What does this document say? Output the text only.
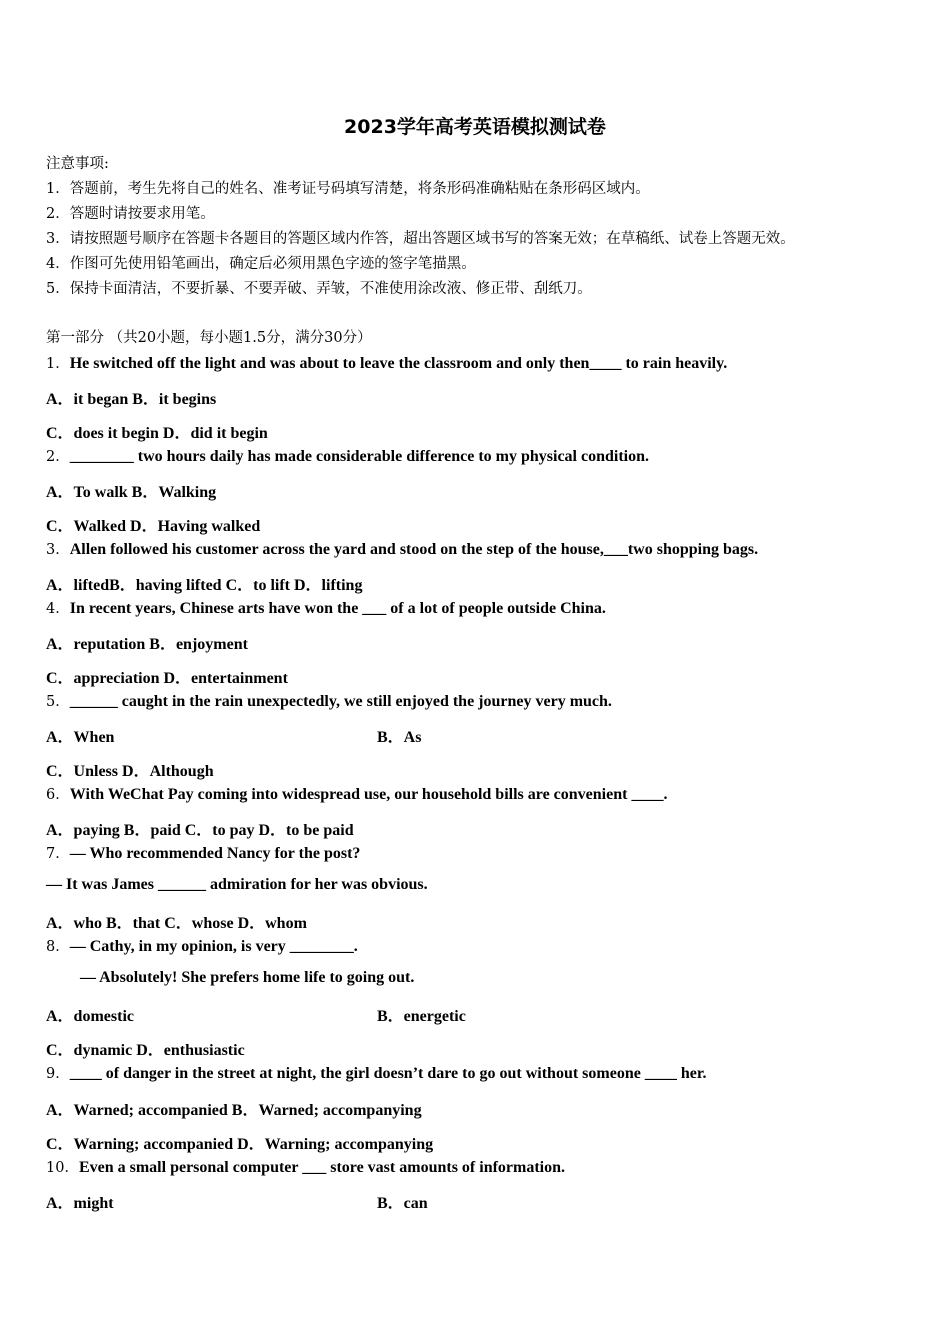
2023学年高考英语模拟测试卷
注意事项:
1．答题前，考生先将自己的姓名、准考证号码填写清楚，将条形码准确粘贴在条形码区域内。
2．答题时请按要求用笔。
3．请按照题号顺序在答题卡各题目的答题区域内作答，超出答题区域书写的答案无效；在草稿纸、试卷上答题无效。
4．作图可先使用铅笔画出，确定后必须用黑色字迹的签字笔描黑。
5．保持卡面清洁，不要折暴、不要弄破、弄皱，不准使用涂改液、修正带、刮纸刀。
第一部分 （共20小题，每小题1.5分，满分30分）
1．He switched off the light and was about to leave the classroom and only then____ to rain heavily.
A．it began B．it begins
C．does it begin D．did it begin
2．________ two hours daily has made considerable difference to my physical condition.
A．To walk B．Walking
C．Walked D．Having walked
3．Allen followed his customer across the yard and stood on the step of the house,___two shopping bags.
A．liftedB．having lifted C．to lift D．lifting
4．In recent years, Chinese arts have won the ___ of a lot of people outside China.
A．reputation B．enjoyment
C．appreciation D．entertainment
5．______ caught in the rain unexpectedly, we still enjoyed the journey very much.
A．When	B．As
C．Unless D．Although
6．With WeChat Pay coming into widespread use, our household bills are convenient ____.
A．paying B．paid C．to pay D．to be paid
7．— Who recommended Nancy for the post?
— It was James ______ admiration for her was obvious.
A．who B．that C．whose D．whom
8．— Cathy, in my opinion, is very ________.
— Absolutely! She prefers home life to going out.
A．domestic	B．energetic
C．dynamic D．enthusiastic
9．____ of danger in the street at night, the girl doesn’t dare to go out without someone ____ her.
A．Warned; accompanied B．Warned; accompanying
C．Warning; accompanied D．Warning; accompanying
10．Even a small personal computer ___ store vast amounts of information.
A．might	B．can
